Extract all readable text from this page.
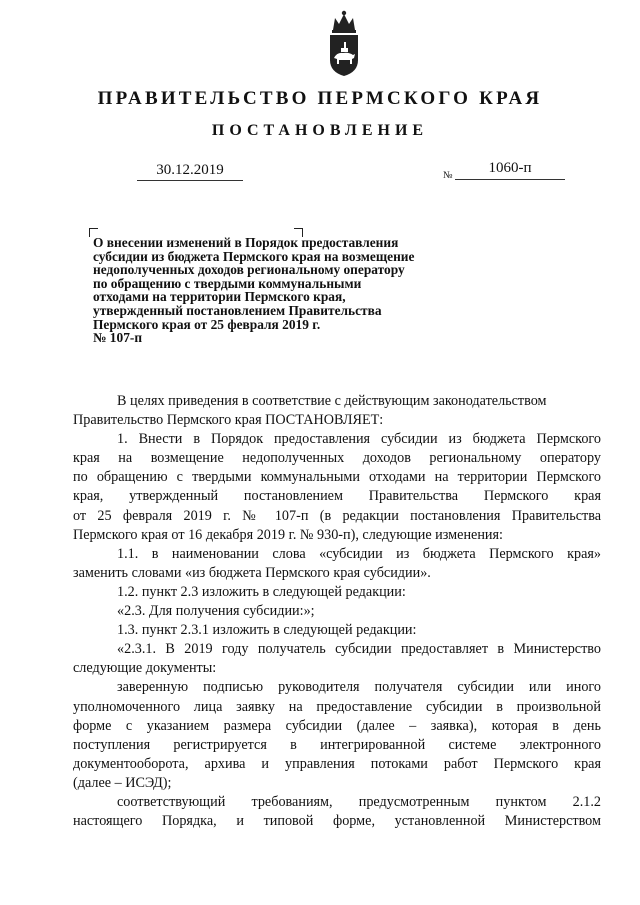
ПРАВИТЕЛЬСТВО ПЕРМСКОГО КРАЯ
ПОСТАНОВЛЕНИЕ
30.12.2019	№	1060-п
О внесении изменений в Порядок предоставления
субсидии из бюджета Пермского края на возмещение
недополученных доходов региональному оператору
по обращению с твердыми коммунальными
отходами на территории Пермского края,
утвержденный постановлением Правительства
Пермского края от 25 февраля 2019 г.
№ 107-п
В целях приведения в соответствие с действующим законодательством
Правительство Пермского края ПОСТАНОВЛЯЕТ:
1. Внести в Порядок предоставления субсидии из бюджета Пермского
края на возмещение недополученных доходов региональному оператору
по обращению с твердыми коммунальными отходами на территории Пермского
края, утвержденный постановлением Правительства Пермского края
от 25 февраля 2019 г. № 107-п (в редакции постановления Правительства
Пермского края от 16 декабря 2019 г. № 930-п), следующие изменения:
1.1. в наименовании слова «субсидии из бюджета Пермского края»
заменить словами «из бюджета Пермского края субсидии».
1.2. пункт 2.3 изложить в следующей редакции:
«2.3. Для получения субсидии:»;
1.3. пункт 2.3.1 изложить в следующей редакции:
«2.3.1. В 2019 году получатель субсидии предоставляет в Министерство
следующие документы:
заверенную подписью руководителя получателя субсидии или иного
уполномоченного лица заявку на предоставление субсидии в произвольной
форме с указанием размера субсидии (далее – заявка), которая в день
поступления регистрируется в интегрированной системе электронного
документооборота, архива и управления потоками работ Пермского края
(далее – ИСЭД);
соответствующий требованиям, предусмотренным пунктом 2.1.2
настоящего Порядка, и типовой форме, установленной Министерством
